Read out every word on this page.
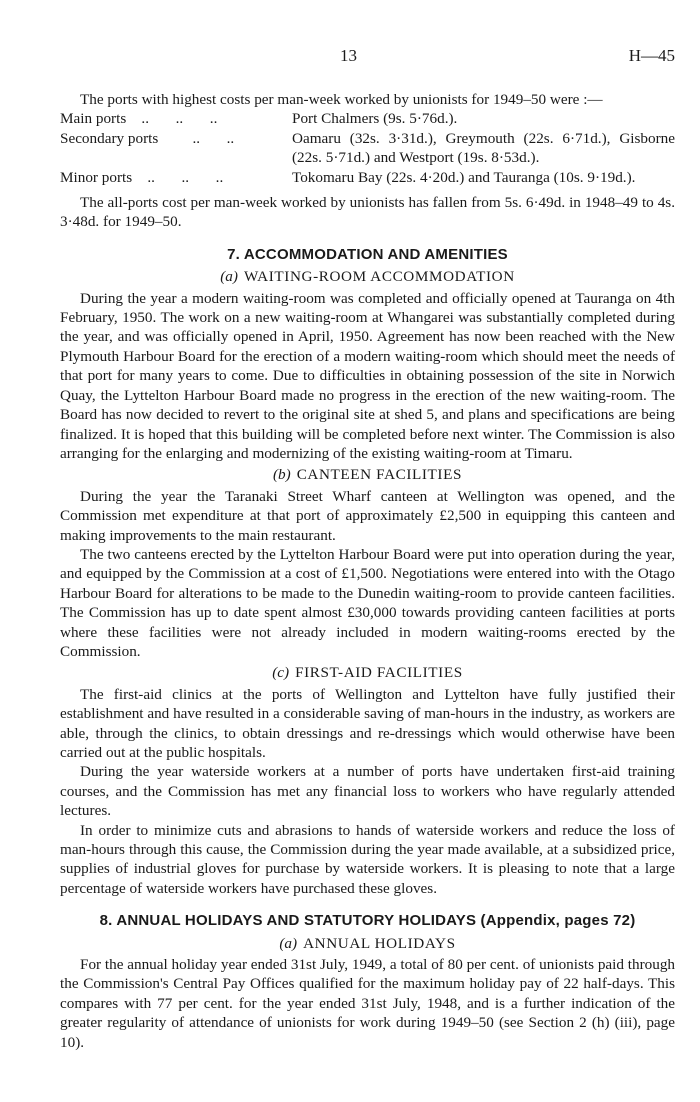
13	H—45

The ports with highest costs per man-week worked by unionists for 1949–50 were :—

Main ports ..       ..       ..	Port Chalmers (9s. 5·76d.).
Secondary ports ..       ..	Oamaru (32s. 3·31d.), Greymouth (22s. 6·71d.), Gisborne (22s. 5·71d.) and Westport (19s. 8·53d.).
Minor ports ..       ..       ..	Tokomaru Bay (22s. 4·20d.) and Tauranga (10s. 9·19d.).

The all-ports cost per man-week worked by unionists has fallen from 5s. 6·49d. in 1948–49 to 4s. 3·48d. for 1949–50.

7. ACCOMMODATION AND AMENITIES
(a) WAITING-ROOM ACCOMMODATION

During the year a modern waiting-room was completed and officially opened at Tauranga on 4th February, 1950. The work on a new waiting-room at Whangarei was substantially completed during the year, and was officially opened in April, 1950. Agreement has now been reached with the New Plymouth Harbour Board for the erection of a modern waiting-room which should meet the needs of that port for many years to come. Due to difficulties in obtaining possession of the site in Norwich Quay, the Lyttelton Harbour Board made no progress in the erection of the new waiting-room. The Board has now decided to revert to the original site at shed 5, and plans and specifications are being finalized. It is hoped that this building will be completed before next winter. The Commission is also arranging for the enlarging and modernizing of the existing waiting-room at Timaru.

(b) CANTEEN FACILITIES

During the year the Taranaki Street Wharf canteen at Wellington was opened, and the Commission met expenditure at that port of approximately £2,500 in equipping this canteen and making improvements to the main restaurant.

The two canteens erected by the Lyttelton Harbour Board were put into operation during the year, and equipped by the Commission at a cost of £1,500. Negotiations were entered into with the Otago Harbour Board for alterations to be made to the Dunedin waiting-room to provide canteen facilities. The Commission has up to date spent almost £30,000 towards providing canteen facilities at ports where these facilities were not already included in modern waiting-rooms erected by the Commission.

(c) FIRST-AID FACILITIES

The first-aid clinics at the ports of Wellington and Lyttelton have fully justified their establishment and have resulted in a considerable saving of man-hours in the industry, as workers are able, through the clinics, to obtain dressings and re-dressings which would otherwise have been carried out at the public hospitals.

During the year waterside workers at a number of ports have undertaken first-aid training courses, and the Commission has met any financial loss to workers who have regularly attended lectures.

In order to minimize cuts and abrasions to hands of waterside workers and reduce the loss of man-hours through this cause, the Commission during the year made available, at a subsidized price, supplies of industrial gloves for purchase by waterside workers. It is pleasing to note that a large percentage of waterside workers have purchased these gloves.

8. ANNUAL HOLIDAYS AND STATUTORY HOLIDAYS (Appendix, pages 72)
(a) ANNUAL HOLIDAYS

For the annual holiday year ended 31st July, 1949, a total of 80 per cent. of unionists paid through the Commission's Central Pay Offices qualified for the maximum holiday pay of 22 half-days. This compares with 77 per cent. for the year ended 31st July, 1948, and is a further indication of the greater regularity of attendance of unionists for work during 1949–50 (see Section 2 (h) (iii), page 10).
